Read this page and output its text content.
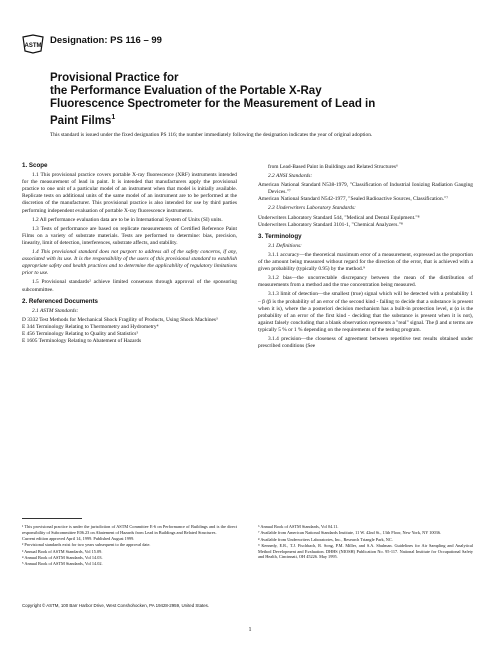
ASTM Designation: PS 116 – 99
Provisional Practice for
the Performance Evaluation of the Portable X-Ray
Fluorescence Spectrometer for the Measurement of Lead in
Paint Films$^1$
This standard is issued under the fixed designation PS 116; the number immediately following the designation indicates the year of original adoption.
1. Scope

1.1 This provisional practice covers portable X-ray fluorescence (XRF) instruments intended for the measurement of lead in paint. It is intended that manufacturers apply the provisional practice to one unit of a particular model of an instrument when that model is initially available. Replicate tests on additional units of the same model of an instrument are to be performed at the discretion of the manufacturer. This provisional practice is also intended for use by third parties performing independent evaluation of portable X-ray fluorescence instruments.

1.2 All performance evaluation data are to be in International System of Units (SI) units.

1.3 Tests of performance are based on replicate measurements of Certified Reference Paint Films on a variety of substrate materials. Tests are performed to determine: bias, precision, linearity, limit of detection, interferences, substrate affects, and stability.

1.4 This provisional standard does not purport to address all of the safety concerns, if any, associated with its use. It is the responsibility of the users of this provisional standard to establish appropriate safety and health practices and to determine the applicability of regulatory limitations prior to use.

1.5 Provisional standards² achieve limited consensus through approval of the sponsoring subcommittee.

2. Referenced Documents

2.1 ASTM Standards:

D 3332 Test Methods for Mechanical Shock Fragility of Products, Using Shock Machines³

E 344 Terminology Relating to Thermometry and Hydrometry⁴

E 456 Terminology Relating to Quality and Statistics⁵

E 1605 Terminology Relating to Abatement of Hazards

from Lead-Based Paint in Buildings and Related Structures⁶

2.2 ANSI Standards:

American National Standard N538-1979, "Classification of Industrial Ionizing Radiation Gauging Devices."⁷

American National Standard N542-1977, "Sealed Radioactive Sources, Classification."⁷

2.3 Underwriters Laboratory Standards:

Underwriters Laboratory Standard 544, "Medical and Dental Equipment."⁸

Underwriters Laboratory Standard 3101-1, "Chemical Analyzers."⁸

3. Terminology

3.1 Definitions:

3.1.1 accuracy—the theoretical maximum error of a measurement, expressed as the proportion of the amount being measured without regard for the direction of the error, that is achieved with a given probability (typically 0.95) by the method.⁹

3.1.2 bias—the uncorrectable discrepancy between the mean of the distribution of measurements from a method and the true concentration being measured.

3.1.3 limit of detection—the smallest (true) signal which will be detected with a probability 1 – β (β is the probability of an error of the second kind - failing to decide that a substance is present when it is), where the a posteriori decision mechanism has a built-in protection level, α (α is the probability of an error of the first kind - deciding that the substance is present when it is not), against falsely concluding that a blank observation represents a "real" signal. The β and α terms are typically 5 % or 1 % depending on the requirements of the testing program.

3.1.4 precision—the closeness of agreement between repetitive test results obtained under prescribed conditions (See

¹ This provisional practice is under the jurisdiction of ASTM Committee E-6 on Performance of Buildings and is the direct responsibility of Subcommittee E06.23 on Abatement of Hazards from Lead in Buildings and Related Structures.

Current edition approved April 14, 1999. Published August 1999.

² Provisional standards exist for two years subsequent to the approval date.

³ Annual Book of ASTM Standards, Vol 15.09.

⁴ Annual Book of ASTM Standards, Vol 14.03.

⁵ Annual Book of ASTM Standards, Vol 14.02.

⁶ Annual Book of ASTM Standards, Vol 04.11.

⁷ Available from American National Standards Institute, 11 W. 42nd St., 13th Floor, New York, NY 10036.

⁸ Available from Underwriters Laboratories, Inc., Research Triangle Park, NC.

⁹ Kennedy, E.R., T.J. Fischbach, R. Song, P.M. Miller, and S.A. Shulman. Guidelines for Air Sampling and Analytical Method Development and Evaluation. DHHS (NIOSH) Publication No. 95-117. National Institute for Occupational Safety and Health, Cincinnati, OH 45226. May 1995.

Copyright © ASTM, 100 Barr Harbor Drive, West Conshohocken, PA 19428-2959, United States.
1
